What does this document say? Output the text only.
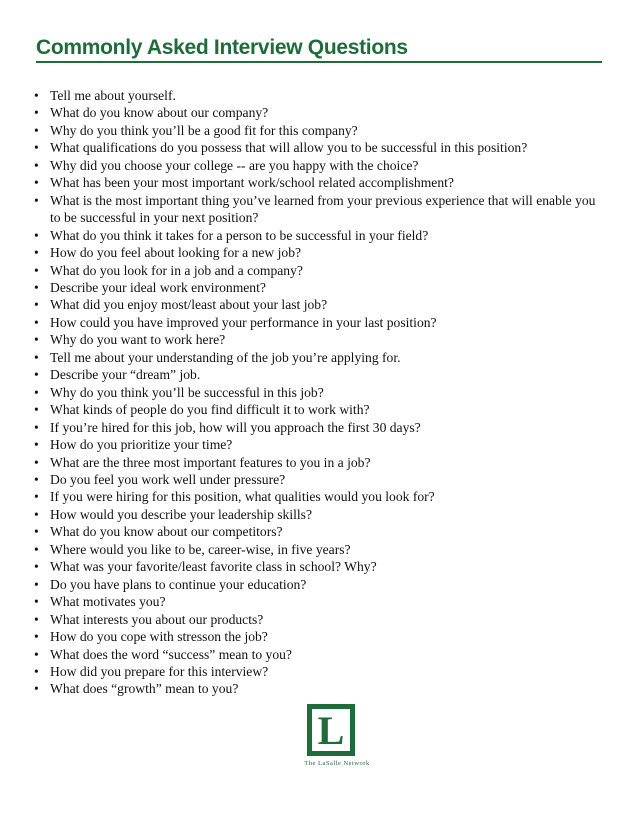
Commonly Asked Interview Questions
• Tell me about yourself.
• What do you know about our company?
• Why do you think you’ll be a good fit for this company?
• What qualifications do you possess that will allow you to be successful in this position?
• Why did you choose your college -- are you happy with the choice?
• What has been your most important work/school related accomplishment?
• What is the most important thing you’ve learned from your previous experience that will enable you to be successful in your next position?
• What do you think it takes for a person to be successful in your field?
• How do you feel about looking for a new job?
• What do you look for in a job and a company?
• Describe your ideal work environment?
• What did you enjoy most/least about your last job?
• How could you have improved your performance in your last position?
• Why do you want to work here?
• Tell me about your understanding of the job you’re applying for.
• Describe your “dream” job.
• Why do you think you’ll be successful in this job?
• What kinds of people do you find difficult it to work with?
• If you’re hired for this job, how will you approach the first 30 days?
• How do you prioritize your time?
• What are the three most important features to you in a job?
• Do you feel you work well under pressure?
• If you were hiring for this position, what qualities would you look for?
• How would you describe your leadership skills?
• What do you know about our competitors?
• Where would you like to be, career-wise, in five years?
• What was your favorite/least favorite class in school? Why?
• Do you have plans to continue your education?
• What motivates you?
• What interests you about our products?
• How do you cope with stresson the job?
• What does the word “success” mean to you?
• How did you prepare for this interview?
• What does “growth” mean to you?
L
The LaSalle Network
